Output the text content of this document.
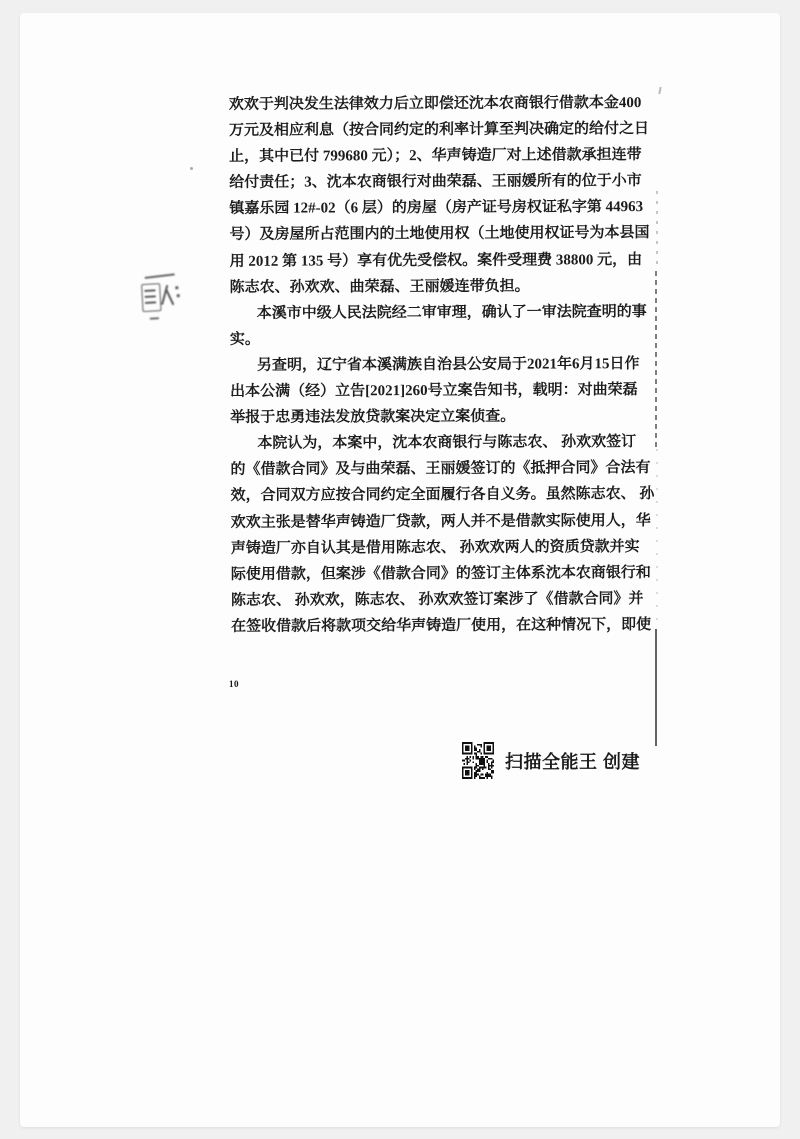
欢欢于判决发生法律效力后立即偿还沈本农商银行借款本金400
万元及相应利息（按合同约定的利率计算至判决确定的给付之日
止，其中已付 799680 元）；2、华声铸造厂对上述借款承担连带
给付责任；3、沈本农商银行对曲荣磊、王丽媛所有的位于小市
镇嘉乐园 12#-02（6 层）的房屋（房产证号房权证私字第 44963
号）及房屋所占范围内的土地使用权（土地使用权证号为本县国
用 2012 第 135 号）享有优先受偿权。案件受理费 38800 元，由
陈志农、孙欢欢、曲荣磊、王丽媛连带负担。
本溪市中级人民法院经二审审理，确认了一审法院查明的事
实。
另查明，辽宁省本溪满族自治县公安局于2021年6月15日作
出本公满（经）立告[2021]260号立案告知书，载明：对曲荣磊
举报于忠勇违法发放贷款案决定立案侦查。
本院认为，本案中，沈本农商银行与陈志农、 孙欢欢签订
的《借款合同》及与曲荣磊、王丽媛签订的《抵押合同》合法有
效，合同双方应按合同约定全面履行各自义务。虽然陈志农、 孙
欢欢主张是替华声铸造厂贷款，两人并不是借款实际使用人，华
声铸造厂亦自认其是借用陈志农、 孙欢欢两人的资质贷款并实
际使用借款，但案涉《借款合同》的签订主体系沈本农商银行和
陈志农、 孙欢欢，陈志农、 孙欢欢签订案涉了《借款合同》并
在签收借款后将款项交给华声铸造厂使用，在这种情况下，即使
10
扫描全能王 创建
